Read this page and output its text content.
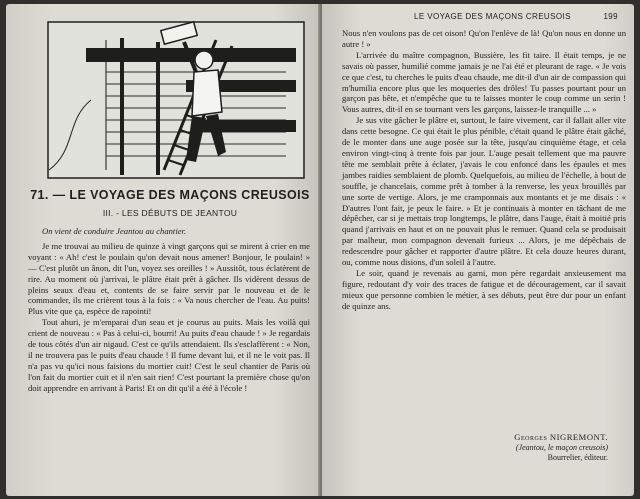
71. — LE VOYAGE DES MAÇONS CREUSOIS
III. - LES DÉBUTS DE JEANTOU

On vient de conduire Jeantou au chantier.

Je me trouvai au milieu de quinze à vingt garçons qui se mirent à crier en me voyant : « Ah! c'est le poulain qu'on devait nous amener! Bonjour, le poulain! » — C'est plutôt un ânon, dit l'un, voyez ses oreilles ! » Aussitôt, tous éclatèrent de rire. Au moment où j'arrivai, le plâtre était prêt à gâcher. Ils vidèrent dessus de pleins seaux d'eau et, contents de se faire servir par le nouveau et de le commander, ils me crièrent tous à la fois : « Va nous chercher de l'eau. Au puits! Plus vite que ça, espèce de rapointi!

Tout ahuri, je m'emparai d'un seau et je courus au puits. Mais les voilà qui crient de nouveau : « Pas à celui-ci, bourri! Au puits d'eau chaude ! » Je regardais de tous côtés d'un air nigaud. C'est ce qu'ils attendaient. Ils s'esclaffèrent : « Non, il ne trouvera pas le puits d'eau chaude ! Il fume devant lui, et il ne le voit pas. Il n'a pas vu qu'ici nous faisions du mortier cuit! C'est le seul chantier de Paris où l'on fait du mortier cuit et il n'en sait rien! C'est pourtant la première chose qu'on doit apprendre en arrivant à Paris! Et on dit qu'il a été à l'école !

LE VOYAGE DES MAÇONS CREUSOIS	199

Nous n'en voulons pas de cet oison! Qu'on l'enlève de là! Qu'on nous en donne un autre ! »

L'arrivée du maître compagnon, Bussière, les fit taire. Il était temps, je ne savais où passer, humilié comme jamais je ne l'ai été et pleurant de rage. « Je vois ce que c'est, tu cherches le puits d'eau chaude, me dit-il d'un air de compassion qui m'humilia encore plus que les moqueries des drôles! Tu passes pourtant pour un garçon pas bête, et n'empêche que tu te laisses monter le coup comme un serin ! Vous autres, dit-il en se tournant vers les garçons, laissez-le tranquille ... »

Je sus vite gâcher le plâtre et, surtout, le faire vivement, car il fallait aller vite dans cette besogne. Ce qui était le plus pénible, c'était quand le plâtre était gâché, de le monter dans une auge posée sur la tête, jusqu'au cinquième étage, et cela environ vingt-cinq à trente fois par jour. L'auge pesait tellement que ma pauvre tête me semblait prête à éclater, j'avais le cou enfoncé dans les épaules et mes jambes raidies semblaient de plomb. Quelquefois, au milieu de l'échelle, à bout de souffle, je chancelais, comme prêt à tomber à la renverse, les yeux brouillés par une sorte de vertige. Alors, je me cramponnais aux montants et je me disais : « D'autres l'ont fait, je peux le faire. » Et je continuais à monter en tâchant de me dépêcher, car si je mettais trop longtemps, le plâtre, dans l'auge, était à moitié pris quand j'arrivais en haut et on ne pouvait plus le remuer. Quand cela se produisait par malheur, mon compagnon devenait furieux ... Alors, je me dépêchais de redescendre pour gâcher et rapporter d'autre plâtre. Et cela douze heures durant, ou, comme nous disions, d'un soleil à l'autre.

Le soir, quand je revenais au garni, mon père regardait anxieusement ma figure, redoutant d'y voir des traces de fatigue et de découragement, car il savait mieux que personne combien le métier, à ses débuts, peut être dur pour un enfant de quinze ans.

Georges NIGREMONT.
(Jeantou, le maçon creusois)
Bourrelier, éditeur.
